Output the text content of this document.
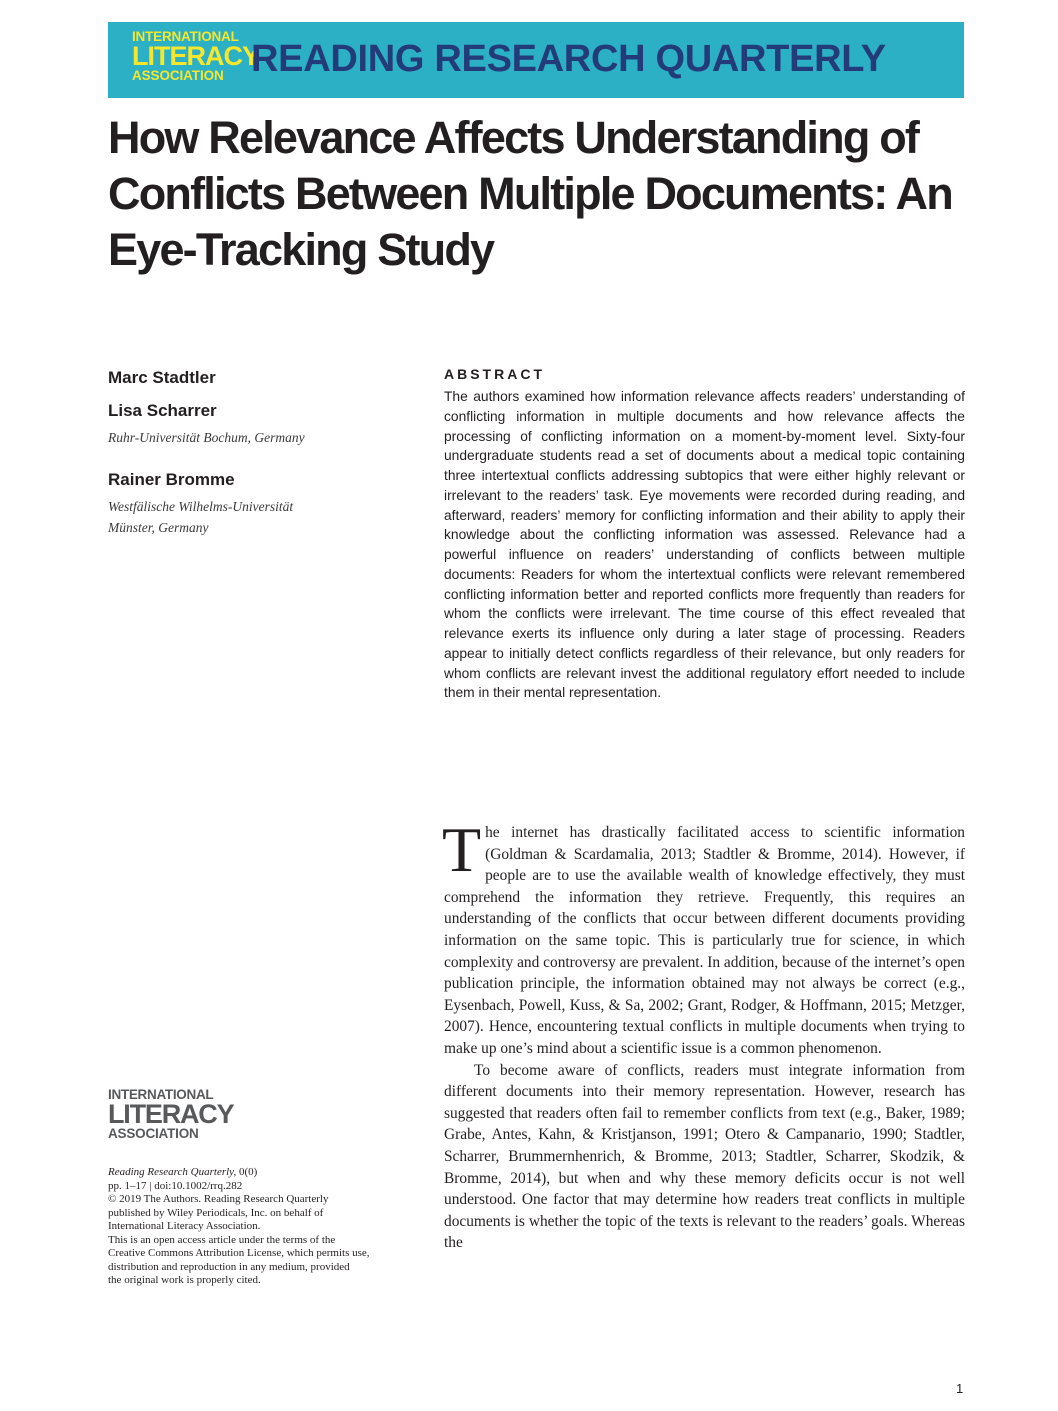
INTERNATIONAL
LITERACY
ASSOCIATION READING RESEARCH QUARTERLY
How Relevance Affects Understanding of Conflicts Between Multiple Documents: An Eye-Tracking Study

Marc Stadtler

Lisa Scharrer

Ruhr-Universität Bochum, Germany

Rainer Bromme

Westfälische Wilhelms-Universität

Münster, Germany

ABSTRACT

The authors examined how information relevance affects readers’ understanding of conflicting information in multiple documents and how relevance affects the processing of conflicting information on a moment-by-moment level. Sixty-four undergraduate students read a set of documents about a medical topic containing three intertextual conflicts addressing subtopics that were either highly relevant or irrelevant to the readers’ task. Eye movements were recorded during reading, and afterward, readers’ memory for conflicting information and their ability to apply their knowledge about the conflicting information was assessed. Relevance had a powerful influence on readers’ understanding of conflicts between multiple documents: Readers for whom the intertextual conflicts were relevant remembered conflicting information better and reported conflicts more frequently than readers for whom the conflicts were irrelevant. The time course of this effect revealed that relevance exerts its influence only during a later stage of processing. Readers appear to initially detect conflicts regardless of their relevance, but only readers for whom conflicts are relevant invest the additional regulatory effort needed to include them in their mental representation.

The internet has drastically facilitated access to scientific information (Goldman & Scardamalia, 2013; Stadtler & Bromme, 2014). However, if people are to use the available wealth of knowledge effectively, they must comprehend the information they retrieve. Frequently, this requires an understanding of the conflicts that occur between different documents providing information on the same topic. This is particularly true for science, in which complexity and controversy are prevalent. In addition, because of the internet’s open publication principle, the information obtained may not always be correct (e.g., Eysenbach, Powell, Kuss, & Sa, 2002; Grant, Rodger, & Hoffmann, 2015; Metzger, 2007). Hence, encountering textual conflicts in multiple documents when trying to make up one’s mind about a scientific issue is a common phenomenon.

To become aware of conflicts, readers must integrate information from different documents into their memory representation. However, research has suggested that readers often fail to remember conflicts from text (e.g., Baker, 1989; Grabe, Antes, Kahn, & Kristjanson, 1991; Otero & Campanario, 1990; Stadtler, Scharrer, Brummernhenrich, & Bromme, 2013; Stadtler, Scharrer, Skodzik, & Bromme, 2014), but when and why these memory deficits occur is not well understood. One factor that may determine how readers treat conflicts in multiple documents is whether the topic of the texts is relevant to the readers’ goals. Whereas the

INTERNATIONAL
LITERACY
ASSOCIATION

Reading Research Quarterly, 0(0)

pp. 1–17 | doi:10.1002/rrq.282

© 2019 The Authors. Reading Research Quarterly

published by Wiley Periodicals, Inc. on behalf of

International Literacy Association.

This is an open access article under the terms of the

Creative Commons Attribution License, which permits use,

distribution and reproduction in any medium, provided

the original work is properly cited.

1
